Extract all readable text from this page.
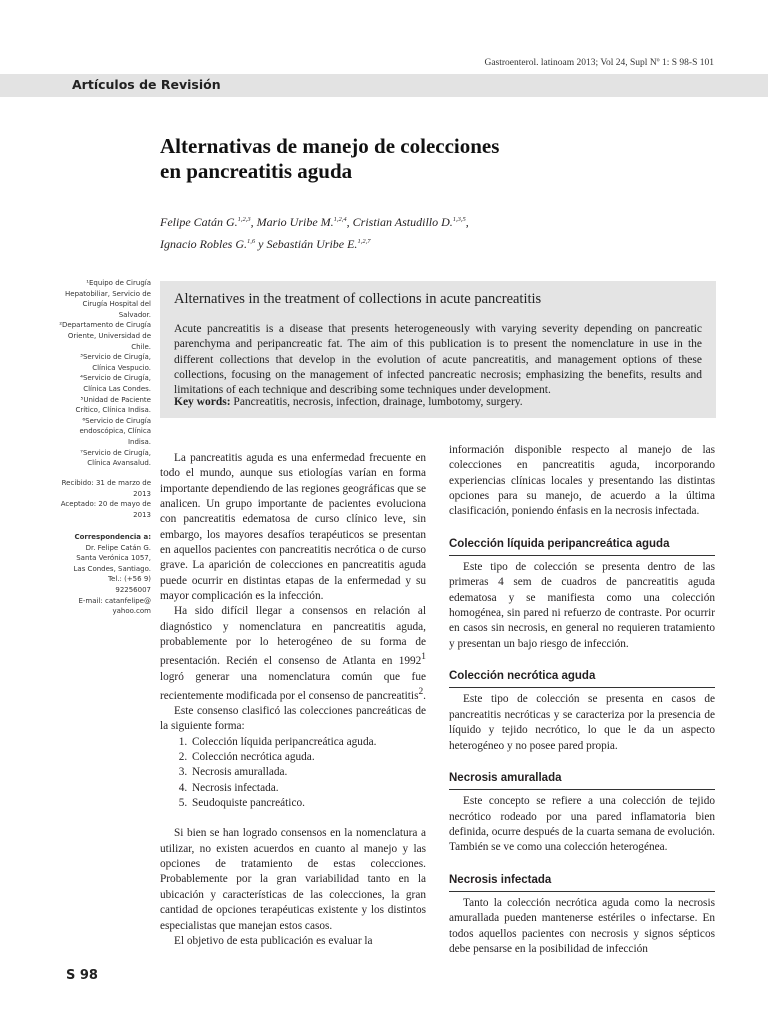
Gastroenterol. latinoam 2013; Vol 24, Supl Nº 1: S 98-S 101
Artículos de Revisión
Alternativas de manejo de colecciones
en pancreatitis aguda
Felipe Catán G.$^{1,2,3}$, Mario Uribe M.$^{1,2,4}$, Cristian Astudillo D.$^{1,3,5}$,
Ignacio Robles G.$^{1,6}$ y Sebastián Uribe E.$^{1,2,7}$
¹Equipo de Cirugía Hepatobiliar, Servicio de Cirugía Hospital del Salvador.
²Departamento de Cirugía Oriente, Universidad de Chile.
³Servicio de Cirugía, Clínica Vespucio.
⁴Servicio de Cirugía, Clínica Las Condes.
⁵Unidad de Paciente Crítico, Clínica Indisa.
⁶Servicio de Cirugía endoscópica, Clínica Indisa.
⁷Servicio de Cirugía, Clínica Avansalud.
Recibido: 31 de marzo de 2013
Aceptado: 20 de mayo de 2013
Correspondencia a:
Dr. Felipe Catán G.
Santa Verónica 1057,
Las Condes, Santiago.
Tel.: (+56 9)
92256007
E-mail: catanfelipe@
yahoo.com
Alternatives in the treatment of collections in acute pancreatitis
Acute pancreatitis is a disease that presents heterogeneously with varying severity depending on pancreatic parenchyma and peripancreatic fat. The aim of this publication is to present the nomenclature in use in the different collections that develop in the evolution of acute pancreatitis, and management options of these collections, focusing on the management of infected pancreatic necrosis; emphasizing the benefits, results and limitations of each technique and describing some techniques under development.
Key words: Pancreatitis, necrosis, infection, drainage, lumbotomy, surgery.

La pancreatitis aguda es una enfermedad frecuente en todo el mundo, aunque sus etiologías varían en forma importante dependiendo de las regiones geográficas que se analicen. Un grupo importante de pacientes evoluciona con pancreatitis edematosa de curso clínico leve, sin embargo, los mayores desafíos terapéuticos se presentan en aquellos pacientes con pancreatitis necrótica o de curso grave. La aparición de colecciones en pancreatitis aguda puede ocurrir en distintas etapas de la enfermedad y su mayor complicación es la infección.

Ha sido difícil llegar a consensos en relación al diagnóstico y nomenclatura en pancreatitis aguda, probablemente por lo heterogéneo de su forma de presentación. Recién el consenso de Atlanta en 1992$^1$ logró generar una nomenclatura común que fue recientemente modificada por el consenso de pancreatitis$^2$.

Este consenso clasificó las colecciones pancreáticas de la siguiente forma:

1. Colección líquida peripancreática aguda.
2. Colección necrótica aguda.
3. Necrosis amurallada.
4. Necrosis infectada.
5. Seudoquiste pancreático.

Si bien se han logrado consensos en la nomenclatura a utilizar, no existen acuerdos en cuanto al manejo y las opciones de tratamiento de estas colecciones. Probablemente por la gran variabilidad tanto en la ubicación y características de las colecciones, la gran cantidad de opciones terapéuticas existente y los distintos especialistas que manejan estos casos.

El objetivo de esta publicación es evaluar la

información disponible respecto al manejo de las colecciones en pancreatitis aguda, incorporando experiencias clínicas locales y presentando las distintas opciones para su manejo, de acuerdo a la última clasificación, poniendo énfasis en la necrosis infectada.

Colección líquida peripancreática aguda

Este tipo de colección se presenta dentro de las primeras 4 sem de cuadros de pancreatitis aguda edematosa y se manifiesta como una colección homogénea, sin pared ni refuerzo de contraste. Por ocurrir en casos sin necrosis, en general no requieren tratamiento y presentan un bajo riesgo de infección.

Colección necrótica aguda

Este tipo de colección se presenta en casos de pancreatitis necróticas y se caracteriza por la presencia de líquido y tejido necrótico, lo que le da un aspecto heterogéneo y no posee pared propia.

Necrosis amurallada

Este concepto se refiere a una colección de tejido necrótico rodeado por una pared inflamatoria bien definida, ocurre después de la cuarta semana de evolución. También se ve como una colección heterogénea.

Necrosis infectada

Tanto la colección necrótica aguda como la necrosis amurallada pueden mantenerse estériles o infectarse. En todos aquellos pacientes con necrosis y signos sépticos debe pensarse en la posibilidad de infección

S 98
